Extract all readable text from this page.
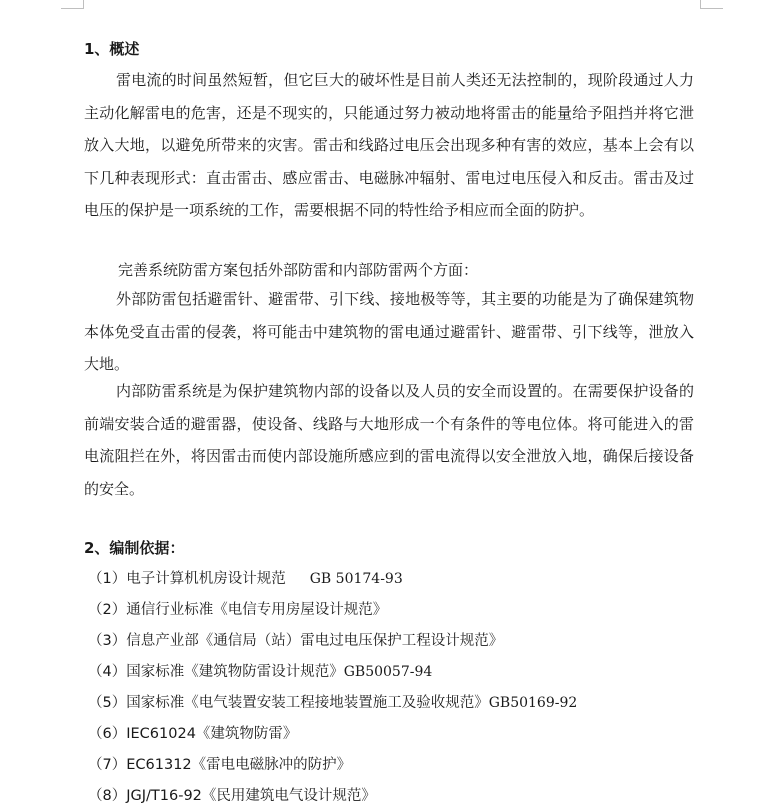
1、概述

雷电流的时间虽然短暂，但它巨大的破坏性是目前人类还无法控制的，现阶段通过人力主动化解雷电的危害，还是不现实的，只能通过努力被动地将雷击的能量给予阻挡并将它泄放入大地，以避免所带来的灾害。雷击和线路过电压会出现多种有害的效应，基本上会有以下几种表现形式：直击雷击、感应雷击、电磁脉冲辐射、雷电过电压侵入和反击。雷击及过电压的保护是一项系统的工作，需要根据不同的特性给予相应而全面的防护。

完善系统防雷方案包括外部防雷和内部防雷两个方面：

外部防雷包括避雷针、避雷带、引下线、接地极等等，其主要的功能是为了确保建筑物本体免受直击雷的侵袭，将可能击中建筑物的雷电通过避雷针、避雷带、引下线等，泄放入大地。

内部防雷系统是为保护建筑物内部的设备以及人员的安全而设置的。在需要保护设备的前端安装合适的避雷器，使设备、线路与大地形成一个有条件的等电位体。将可能进入的雷电流阻拦在外，将因雷击而使内部设施所感应到的雷电流得以安全泄放入地，确保后接设备的安全。

2、编制依据：
（1）电子计算机机房设计规范 GB 50174-93
（2）通信行业标准《电信专用房屋设计规范》
（3）信息产业部《通信局（站）雷电过电压保护工程设计规范》
（4）国家标准《建筑物防雷设计规范》GB50057-94
（5）国家标准《电气装置安装工程接地装置施工及验收规范》GB50169-92
（6）IEC61024《建筑物防雷》
（7）EC61312《雷电电磁脉冲的防护》
（8）JGJ/T16-92《民用建筑电气设计规范》
